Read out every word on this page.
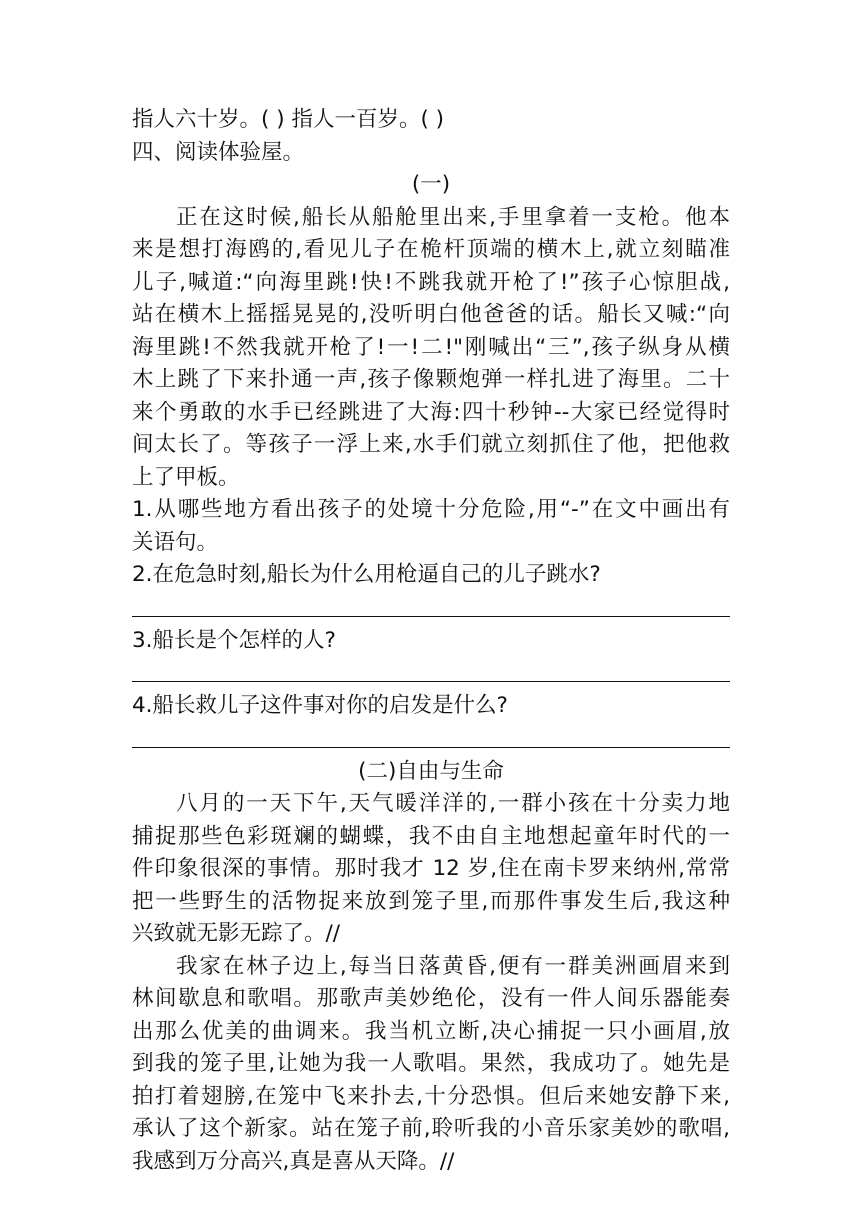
指人六十岁。( ) 指人一百岁。( )
四、阅读体验屋。
(一)
正在这时候,船长从船舱里出来,手里拿着一支枪。他本
来是想打海鸥的,看见儿子在桅杆顶端的横木上,就立刻瞄准
儿子,喊道:“向海里跳!快!不跳我就开枪了!”孩子心惊胆战,
站在横木上摇摇晃晃的,没听明白他爸爸的话。船长又喊:“向
海里跳!不然我就开枪了!一!二!"刚喊出“三”,孩子纵身从横
木上跳了下来扑通一声,孩子像颗炮弹一样扎进了海里。二十
来个勇敢的水手已经跳进了大海:四十秒钟--大家已经觉得时
间太长了。等孩子一浮上来,水手们就立刻抓住了他，把他救
上了甲板。
1.从哪些地方看出孩子的处境十分危险,用“-”在文中画出有
关语句。
2.在危急时刻,船长为什么用枪逼自己的儿子跳水?
3.船长是个怎样的人?
4.船长救儿子这件事对你的启发是什么?
(二)自由与生命
八月的一天下午,天气暖洋洋的,一群小孩在十分卖力地
捕捉那些色彩斑斓的蝴蝶，我不由自主地想起童年时代的一
件印象很深的事情。那时我才 12 岁,住在南卡罗来纳州,常常
把一些野生的活物捉来放到笼子里,而那件事发生后,我这种
兴致就无影无踪了。//
我家在林子边上,每当日落黄昏,便有一群美洲画眉来到
林间歇息和歌唱。那歌声美妙绝伦，没有一件人间乐器能奏
出那么优美的曲调来。我当机立断,决心捕捉一只小画眉,放
到我的笼子里,让她为我一人歌唱。果然，我成功了。她先是
拍打着翅膀,在笼中飞来扑去,十分恐惧。但后来她安静下来,
承认了这个新家。站在笼子前,聆听我的小音乐家美妙的歌唱,
我感到万分高兴,真是喜从天降。//
